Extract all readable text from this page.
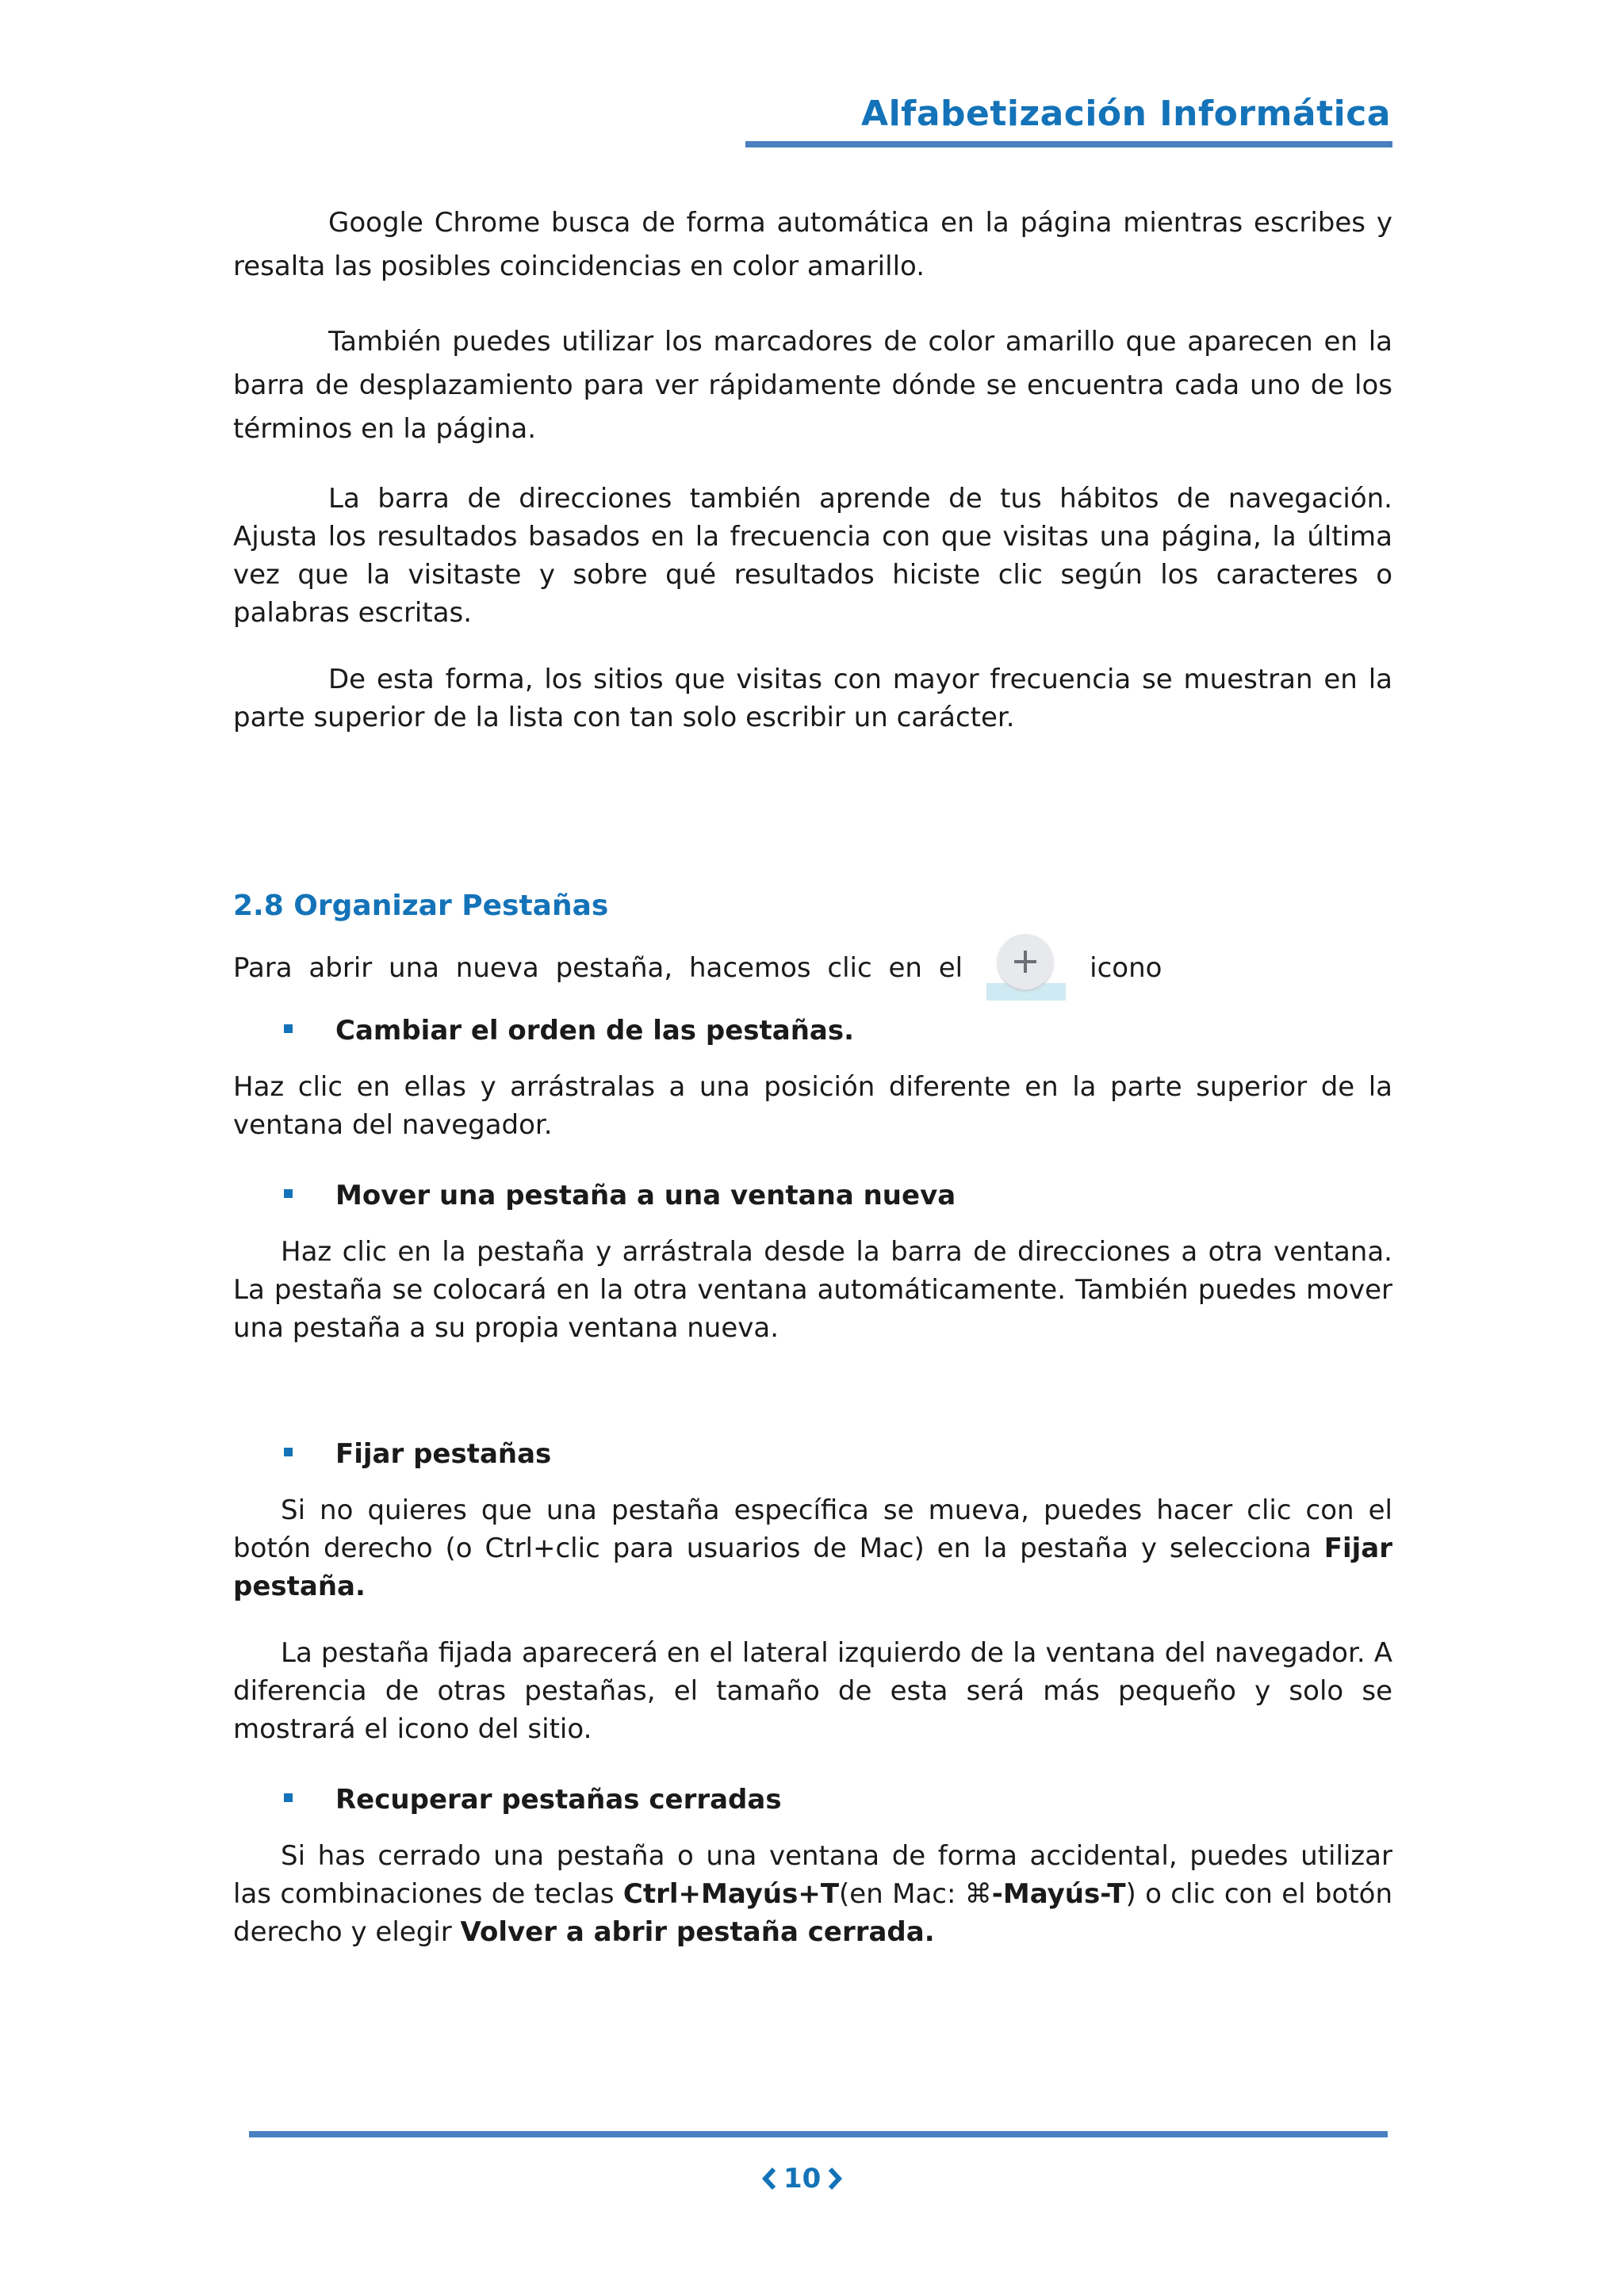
Alfabetización Informática

Google Chrome busca de forma automática en la página mientras escribes y resalta las posibles coincidencias en color amarillo.

También puedes utilizar los marcadores de color amarillo que aparecen en la barra de desplazamiento para ver rápidamente dónde se encuentra cada uno de los términos en la página.

La barra de direcciones también aprende de tus hábitos de navegación. Ajusta los resultados basados en la frecuencia con que visitas una página, la última vez que la visitaste y sobre qué resultados hiciste clic según los caracteres o palabras escritas.

De esta forma, los sitios que visitas con mayor frecuencia se muestran en la parte superior de la lista con tan solo escribir un carácter.

2.8 Organizar Pestañas
Para abrir una nueva pestaña, hacemos clic en el	icono
Cambiar el orden de las pestañas.

Haz clic en ellas y arrástralas a una posición diferente en la parte superior de la ventana del navegador.

Mover una pestaña a una ventana nueva

Haz clic en la pestaña y arrástrala desde la barra de direcciones a otra ventana. La pestaña se colocará en la otra ventana automáticamente. También puedes mover una pestaña a su propia ventana nueva.

Fijar pestañas

Si no quieres que una pestaña específica se mueva, puedes hacer clic con el botón derecho (o Ctrl+clic para usuarios de Mac) en la pestaña y selecciona Fijar pestaña.

La pestaña fijada aparecerá en el lateral izquierdo de la ventana del navegador. A diferencia de otras pestañas, el tamaño de esta será más pequeño y solo se mostrará el icono del sitio.

Recuperar pestañas cerradas

Si has cerrado una pestaña o una ventana de forma accidental, puedes utilizar las combinaciones de teclas Ctrl+Mayús+T(en Mac: ⌘-Mayús-T) o clic con el botón derecho y elegir Volver a abrir pestaña cerrada.

10
